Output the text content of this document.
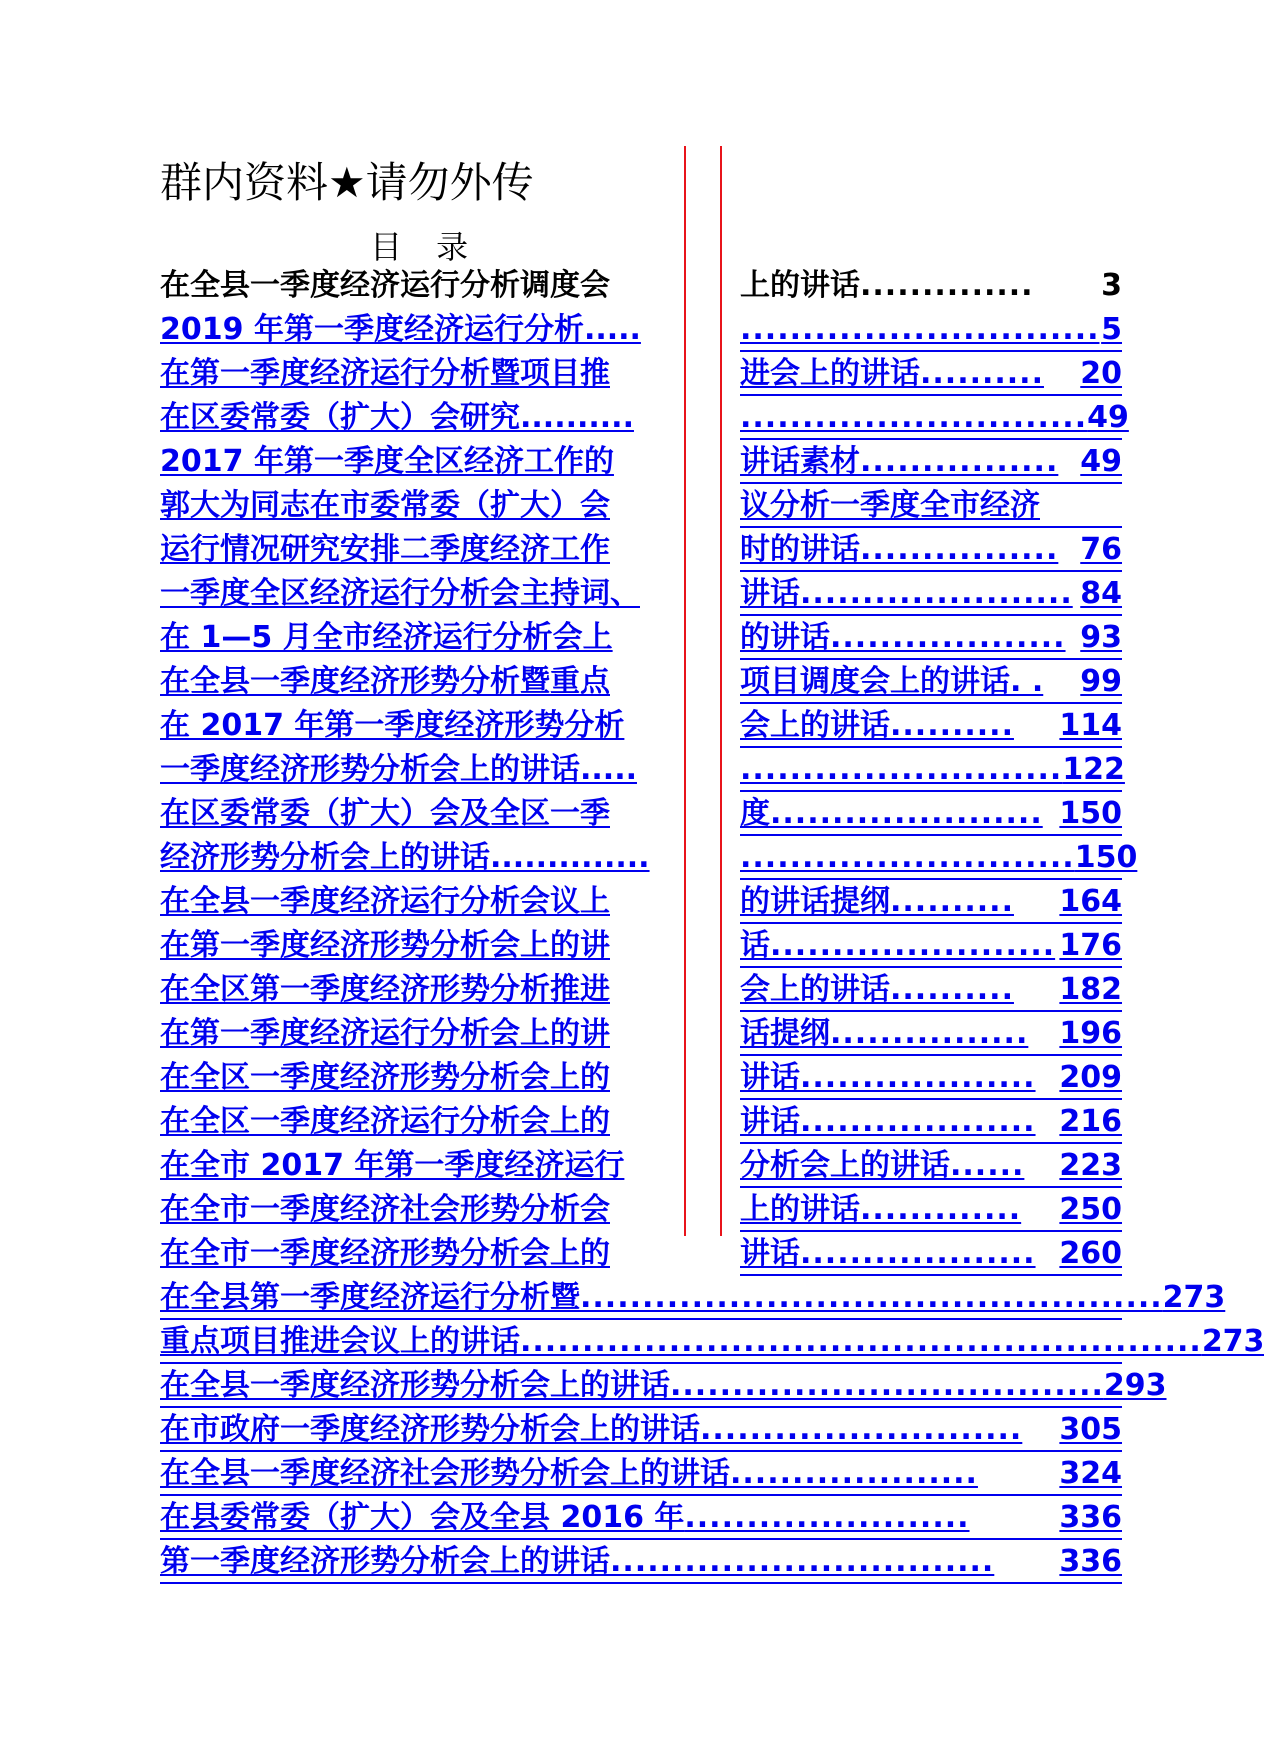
群内资料★请勿外传
目 录
在全县一季度经济运行分析调度会	上的讲话 ..............	3
2019 年第一季度经济运行分析.....	............................. 5
在第一季度经济运行分析暨项目推	进会上的讲话 ..........	20
在区委常委（扩大）会研究..........	............................ 49
2017 年第一季度全区经济工作的	讲话素材 ................ 49
郭大为同志在市委常委（扩大）会	议分析一季度全市经济
运行情况研究安排二季度经济工作	时的讲话 ................ 76
一季度全区经济运行分析会主持词、	讲话 ...................... 84
在 1—5 月全市经济运行分析会上	的讲话 ................... 93
在全县一季度经济形势分析暨重点	项目调度会上的讲话. . 99
在 2017 年第一季度经济形势分析	会上的讲话 ..........	114
一季度经济形势分析会上的讲话.....	.......................... 122
在区委常委（扩大）会及全区一季	度 ...................... 150
经济形势分析会上的讲话..............	........................... 150
在全县一季度经济运行分析会议上	的讲话提纲 ..........	164
在第一季度经济形势分析会上的讲	话 ....................... 176
在全区第一季度经济形势分析推进	会上的讲话 ..........	182
在第一季度经济运行分析会上的讲	话提纲 ................	196
在全区一季度经济形势分析会上的	讲话 ................... 209
在全区一季度经济运行分析会上的	讲话 ................... 216
在全市 2017 年第一季度经济运行	分析会上的讲话 ......	223
在全市一季度经济社会形势分析会	上的讲话 .............	250
在全市一季度经济形势分析会上的	讲话 ................... 260
在全县第一季度经济运行分析暨 ............................................... 273
重点项目推进会议上的讲话 ....................................................... 273
在全县一季度经济形势分析会上的讲话 ................................... 293
在市政府一季度经济形势分析会上的讲话 ..........................	305
在全县一季度经济社会形势分析会上的讲话 ....................	324
在县委常委（扩大）会及全县 2016 年 .......................	336
第一季度经济形势分析会上的讲话 ...............................	336
